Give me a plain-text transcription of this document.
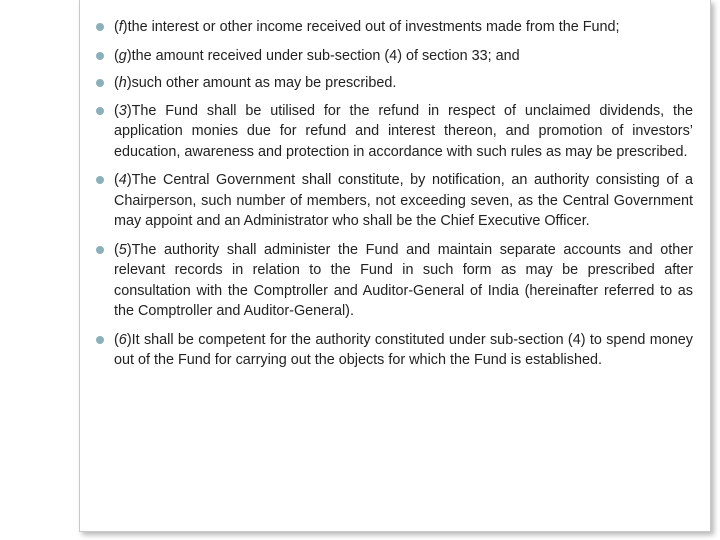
(f)the interest or other income received out of investments made from the Fund;
(g)the amount received under sub-section (4) of section 33; and
(h)such other amount as may be prescribed.
(3)The Fund shall be utilised for the refund in respect of unclaimed dividends, the application monies due for refund and interest thereon, and promotion of investors’ education, awareness and protection in accordance with such rules as may be prescribed.
(4)The Central Government shall constitute, by notification, an authority consisting of a Chairperson, such number of members, not exceeding seven, as the Central Government may appoint and an Administrator who shall be the Chief Executive Officer.
(5)The authority shall administer the Fund and maintain separate accounts and other relevant records in relation to the Fund in such form as may be prescribed after consultation with the Comptroller and Auditor-General of India (hereinafter referred to as the Comptroller and Auditor-General).
(6)It shall be competent for the authority constituted under sub-section (4) to spend money out of the Fund for carrying out the objects for which the Fund is established.
